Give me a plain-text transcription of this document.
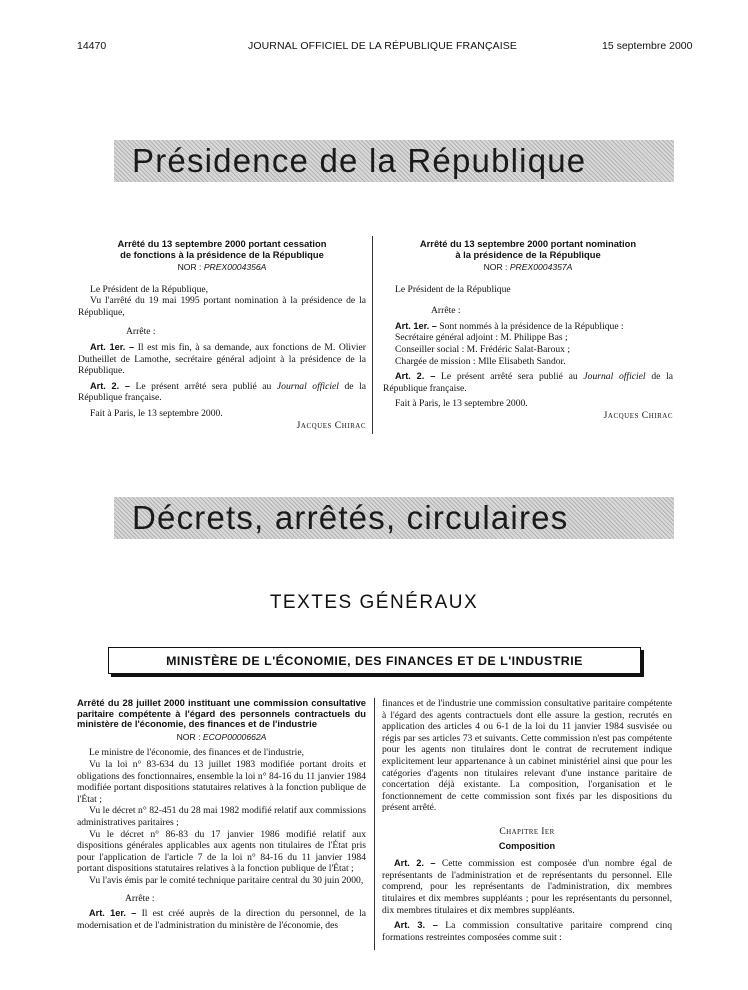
14470	JOURNAL OFFICIEL DE LA RÉPUBLIQUE FRANÇAISE	15 septembre 2000
Présidence de la République
Arrêté du 13 septembre 2000 portant cessation
de fonctions à la présidence de la République
NOR : PREX0004356A

Le Président de la République,

Vu l'arrêté du 19 mai 1995 portant nomination à la présidence de la République,

Arrête :

Art. 1er. – Il est mis fin, à sa demande, aux fonctions de M. Olivier Dutheillet de Lamothe, secrétaire général adjoint à la présidence de la République.

Art. 2. – Le présent arrêté sera publié au Journal officiel de la République française.

Fait à Paris, le 13 septembre 2000.

Jacques Chirac

Arrêté du 13 septembre 2000 portant nomination
à la présidence de la République
NOR : PREX0004357A

Le Président de la République

Arrête :

Art. 1er. – Sont nommés à la présidence de la République :

Secrétaire général adjoint : M. Philippe Bas ;

Conseiller social : M. Frédéric Salat-Baroux ;

Chargée de mission : Mlle Elisabeth Sandor.

Art. 2. – Le présent arrêté sera publié au Journal officiel de la République française.

Fait à Paris, le 13 septembre 2000.

Jacques Chirac

Décrets, arrêtés, circulaires
TEXTES GÉNÉRAUX
MINISTÈRE DE L'ÉCONOMIE, DES FINANCES ET DE L'INDUSTRIE
Arrêté du 28 juillet 2000 instituant une commission consultative paritaire compétente à l'égard des personnels contractuels du ministère de l'économie, des finances et de l'industrie
NOR : ECOP0000662A

Le ministre de l'économie, des finances et de l'industrie,

Vu la loi n° 83-634 du 13 juillet 1983 modifiée portant droits et obligations des fonctionnaires, ensemble la loi n° 84-16 du 11 janvier 1984 modifiée portant dispositions statutaires relatives à la fonction publique de l'État ;

Vu le décret n° 82-451 du 28 mai 1982 modifié relatif aux commissions administratives paritaires ;

Vu le décret n° 86-83 du 17 janvier 1986 modifié relatif aux dispositions générales applicables aux agents non titulaires de l'État pris pour l'application de l'article 7 de la loi n° 84-16 du 11 janvier 1984 portant dispositions statutaires relatives à la fonction publique de l'État ;

Vu l'avis émis par le comité technique paritaire central du 30 juin 2000,

Arrête :

Art. 1er. – Il est créé auprès de la direction du personnel, de la modernisation et de l'administration du ministère de l'économie, des

finances et de l'industrie une commission consultative paritaire compétente à l'égard des agents contractuels dont elle assure la gestion, recrutés en application des articles 4 ou 6-1 de la loi du 11 janvier 1984 susvisée ou régis par ses articles 73 et suivants. Cette commission n'est pas compétente pour les agents non titulaires dont le contrat de recrutement indique explicitement leur appartenance à un cabinet ministériel ainsi que pour les catégories d'agents non titulaires relevant d'une instance paritaire de concertation déjà existante. La composition, l'organisation et le fonctionnement de cette commission sont fixés par les dispositions du présent arrêté.

Chapitre Ier

Composition

Art. 2. – Cette commission est composée d'un nombre égal de représentants de l'administration et de représentants du personnel. Elle comprend, pour les représentants de l'administration, dix membres titulaires et dix membres suppléants ; pour les représentants du personnel, dix membres titulaires et dix membres suppléants.

Art. 3. – La commission consultative paritaire comprend cinq formations restreintes composées comme suit :
